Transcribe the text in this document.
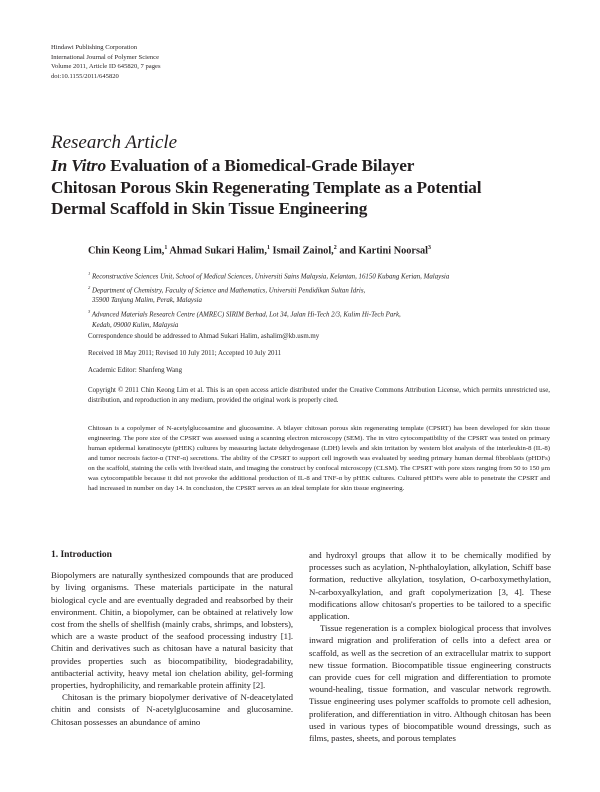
Hindawi Publishing Corporation
International Journal of Polymer Science
Volume 2011, Article ID 645820, 7 pages
doi:10.1155/2011/645820
Research Article
In Vitro Evaluation of a Biomedical-Grade Bilayer
Chitosan Porous Skin Regenerating Template as a Potential
Dermal Scaffold in Skin Tissue Engineering
Chin Keong Lim,$^1$ Ahmad Sukari Halim,$^1$ Ismail Zainol,$^2$ and Kartini Noorsal$^3$
$^1$ Reconstructive Sciences Unit, School of Medical Sciences, Universiti Sains Malaysia, Kelantan, 16150 Kubang Kerian, Malaysia
$^2$ Department of Chemistry, Faculty of Science and Mathematics, Universiti Pendidikan Sultan Idris,
35900 Tanjung Malim, Perak, Malaysia
$^3$ Advanced Materials Research Centre (AMREC) SIRIM Berhad, Lot 34, Jalan Hi-Tech 2/3, Kulim Hi-Tech Park,
Kedah, 09000 Kulim, Malaysia
Correspondence should be addressed to Ahmad Sukari Halim, ashalim@kb.usm.my
Received 18 May 2011; Revised 10 July 2011; Accepted 10 July 2011
Academic Editor: Shanfeng Wang
Copyright © 2011 Chin Keong Lim et al. This is an open access article distributed under the Creative Commons Attribution License, which permits unrestricted use, distribution, and reproduction in any medium, provided the original work is properly cited.
Chitosan is a copolymer of N-acetylglucosamine and glucosamine. A bilayer chitosan porous skin regenerating template (CPSRT) has been developed for skin tissue engineering. The pore size of the CPSRT was assessed using a scanning electron microscopy (SEM). The in vitro cytocompatibility of the CPSRT was tested on primary human epidermal keratinocyte (pHEK) cultures by measuring lactate dehydrogenase (LDH) levels and skin irritation by western blot analysis of the interleukin-8 (IL-8) and tumor necrosis factor-α (TNF-α) secretions. The ability of the CPSRT to support cell ingrowth was evaluated by seeding primary human dermal fibroblasts (pHDFs) on the scaffold, staining the cells with live/dead stain, and imaging the construct by confocal microscopy (CLSM). The CPSRT with pore sizes ranging from 50 to 150 μm was cytocompatible because it did not provoke the additional production of IL-8 and TNF-α by pHEK cultures. Cultured pHDFs were able to penetrate the CPSRT and had increased in number on day 14. In conclusion, the CPSRT serves as an ideal template for skin tissue engineering.
1. Introduction

Biopolymers are naturally synthesized compounds that are produced by living organisms. These materials participate in the natural biological cycle and are eventually degraded and reabsorbed by their environment. Chitin, a biopolymer, can be obtained at relatively low cost from the shells of shellfish (mainly crabs, shrimps, and lobsters), which are a waste product of the seafood processing industry [1]. Chitin and derivatives such as chitosan have a natural basicity that provides properties such as biocompatibility, biodegradability, antibacterial activity, heavy metal ion chelation ability, gel-forming properties, hydrophilicity, and remarkable protein affinity [2].

Chitosan is the primary biopolymer derivative of N-deacetylated chitin and consists of N-acetylglucosamine and glucosamine. Chitosan possesses an abundance of amino

and hydroxyl groups that allow it to be chemically modified by processes such as acylation, N-phthaloylation, alkylation, Schiff base formation, reductive alkylation, tosylation, O-carboxymethylation, N-carboxyalkylation, and graft copolymerization [3, 4]. These modifications allow chitosan's properties to be tailored to a specific application.

Tissue regeneration is a complex biological process that involves inward migration and proliferation of cells into a defect area or scaffold, as well as the secretion of an extracellular matrix to support new tissue formation. Biocompatible tissue engineering constructs can provide cues for cell migration and differentiation to promote wound-healing, tissue formation, and vascular network regrowth. Tissue engineering uses polymer scaffolds to promote cell adhesion, proliferation, and differentiation in vitro. Although chitosan has been used in various types of biocompatible wound dressings, such as films, pastes, sheets, and porous templates
